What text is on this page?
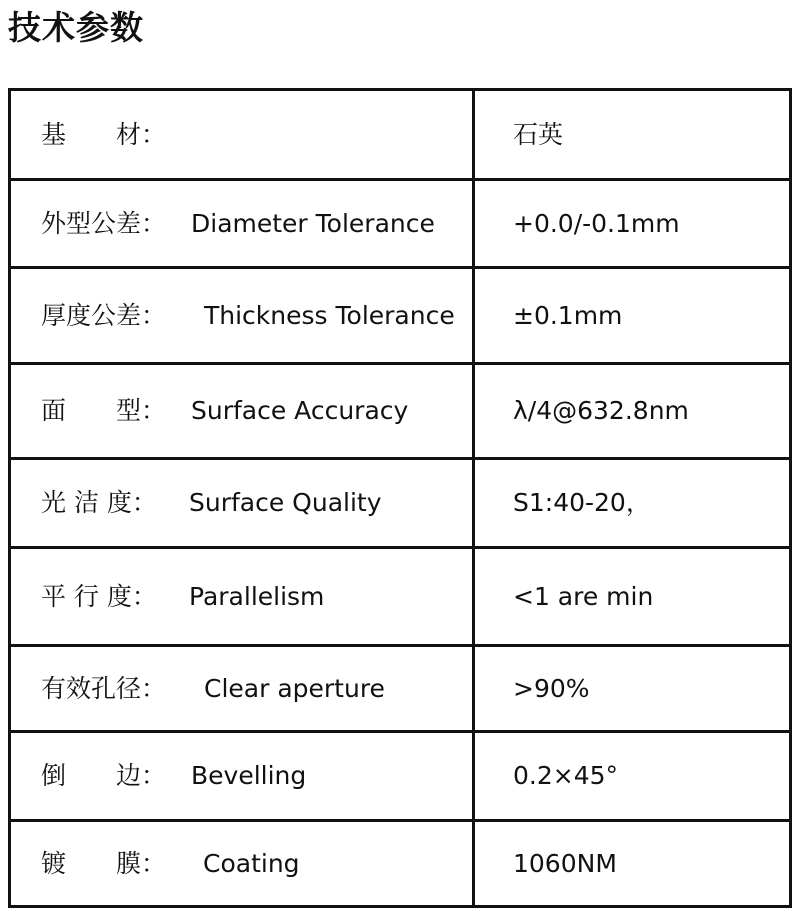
技术参数
基　　材：	石英
外型公差： Diameter Tolerance	+0.0/-0.1mm
厚度公差： Thickness Tolerance	±0.1mm
面　　型： Surface Accuracy	λ/4@632.8nm
光 洁 度： Surface Quality	S1:40-20，
平 行 度： Parallelism	<1 are min
有效孔径： Clear aperture	>90%
倒　　边： Bevelling	0.2×45°
镀　　膜： Coating	1060NM
